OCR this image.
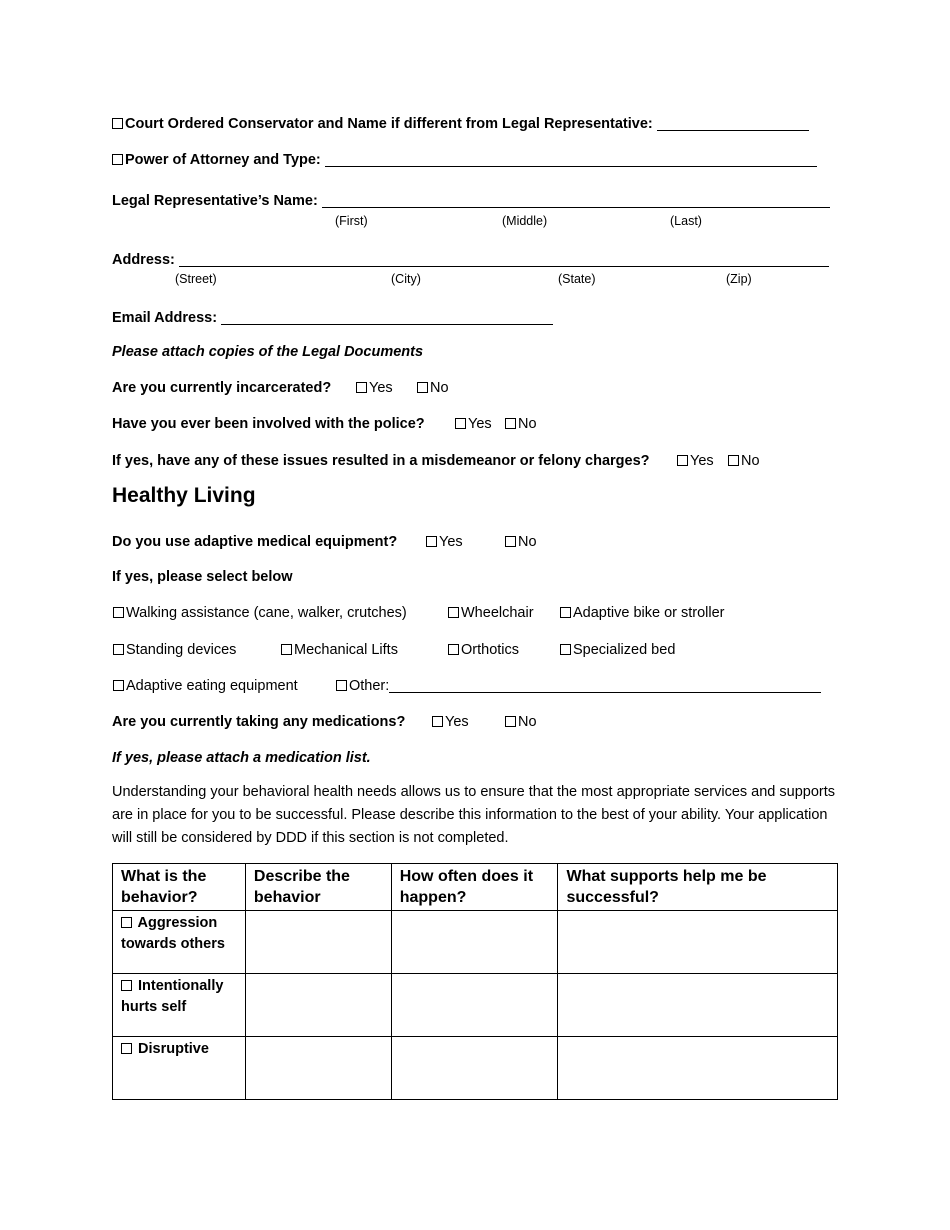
Court Ordered Conservator and Name if different from Legal Representative:
Power of Attorney and Type:
Legal Representative’s Name:
(First)	(Middle)	(Last)
Address:
(Street)	(City)	(State)	(Zip)
Email Address:
Please attach copies of the Legal Documents
Are you currently incarcerated?	Yes	No
Have you ever been involved with the police?	Yes	No
If yes, have any of these issues resulted in a misdemeanor or felony charges?	Yes	No
Healthy Living
Do you use adaptive medical equipment?	Yes	No
If yes, please select below
Walking assistance (cane, walker, crutches)	Wheelchair	Adaptive bike or stroller
Standing devices	Mechanical Lifts	Orthotics	Specialized bed
Adaptive eating equipment	Other:
Are you currently taking any medications?	Yes	No
If yes, please attach a medication list.
Understanding your behavioral health needs allows us to ensure that the most appropriate services and supports are in place for you to be successful. Please describe this information to the best of your ability. Your application will still be considered by DDD if this section is not completed.
What is the behavior?	Describe the behavior	How often does it happen?	What supports help me be successful?
Aggression towards others			
Intentionally hurts self			
Disruptive			
